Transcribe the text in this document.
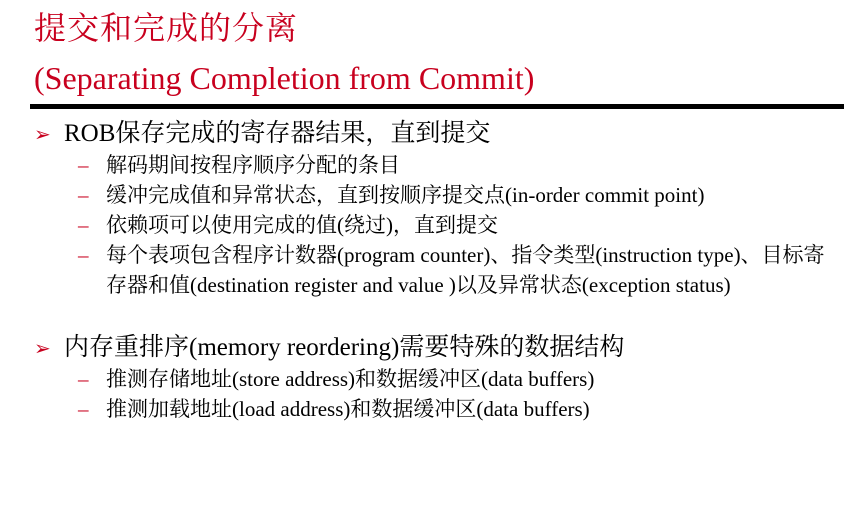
提交和完成的分离
(Separating Completion from Commit)
➢ ROB保存完成的寄存器结果，直到提交
– 解码期间按程序顺序分配的条目
– 缓冲完成值和异常状态，直到按顺序提交点(in-order commit point)
– 依赖项可以使用完成的值(绕过)，直到提交
– 每个表项包含程序计数器(program counter)、指令类型(instruction type)、目标寄存器和值(destination register and value )以及异常状态(exception status)
➢ 内存重排序(memory reordering)需要特殊的数据结构
– 推测存储地址(store address)和数据缓冲区(data buffers)
– 推测加载地址(load address)和数据缓冲区(data buffers)
